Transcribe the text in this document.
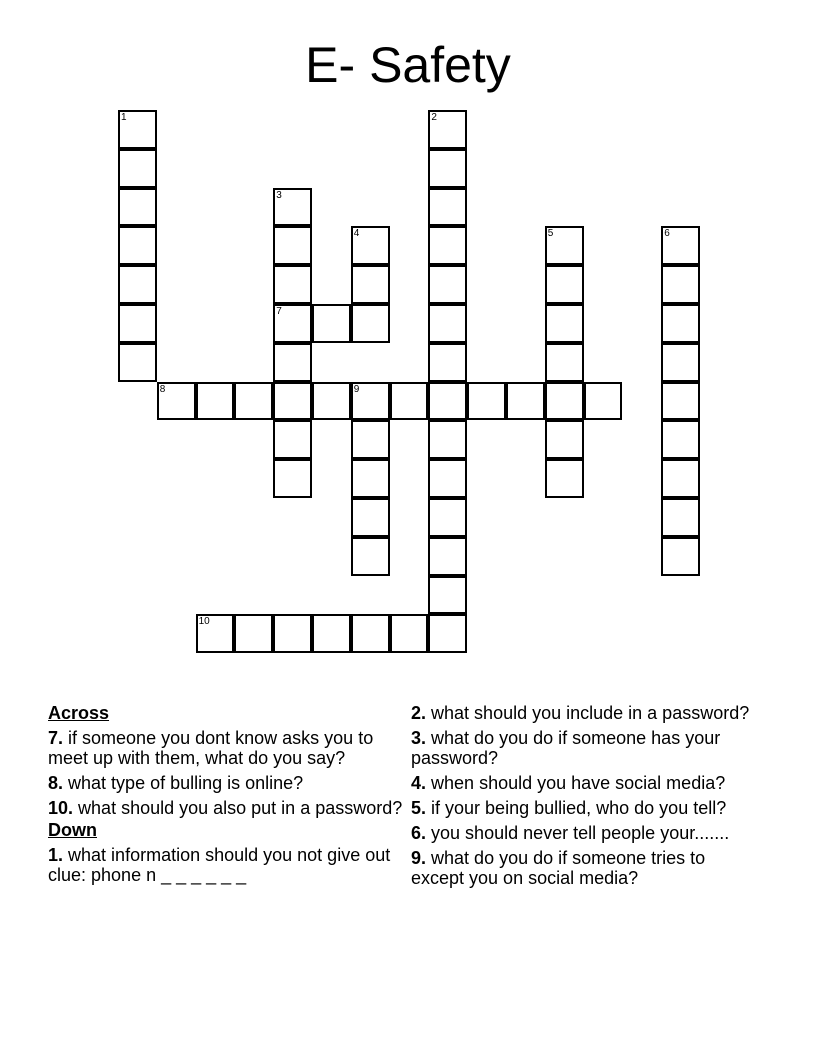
E- Safety
1	2
3
7
4	5	6
8	9
10
Across
7. if someone you dont know asks you to meet up with them, what do you say?
8. what type of bulling is online?
10. what should you also put in a password?
Down
1. what information should you not give out clue: phone n _ _ _ _ _ _
2. what should you include in a password?
3. what do you do if someone has your password?
4. when should you have social media?
5. if your being bullied, who do you tell?
6. you should never tell people your.......
9. what do you do if someone tries to except you on social media?
